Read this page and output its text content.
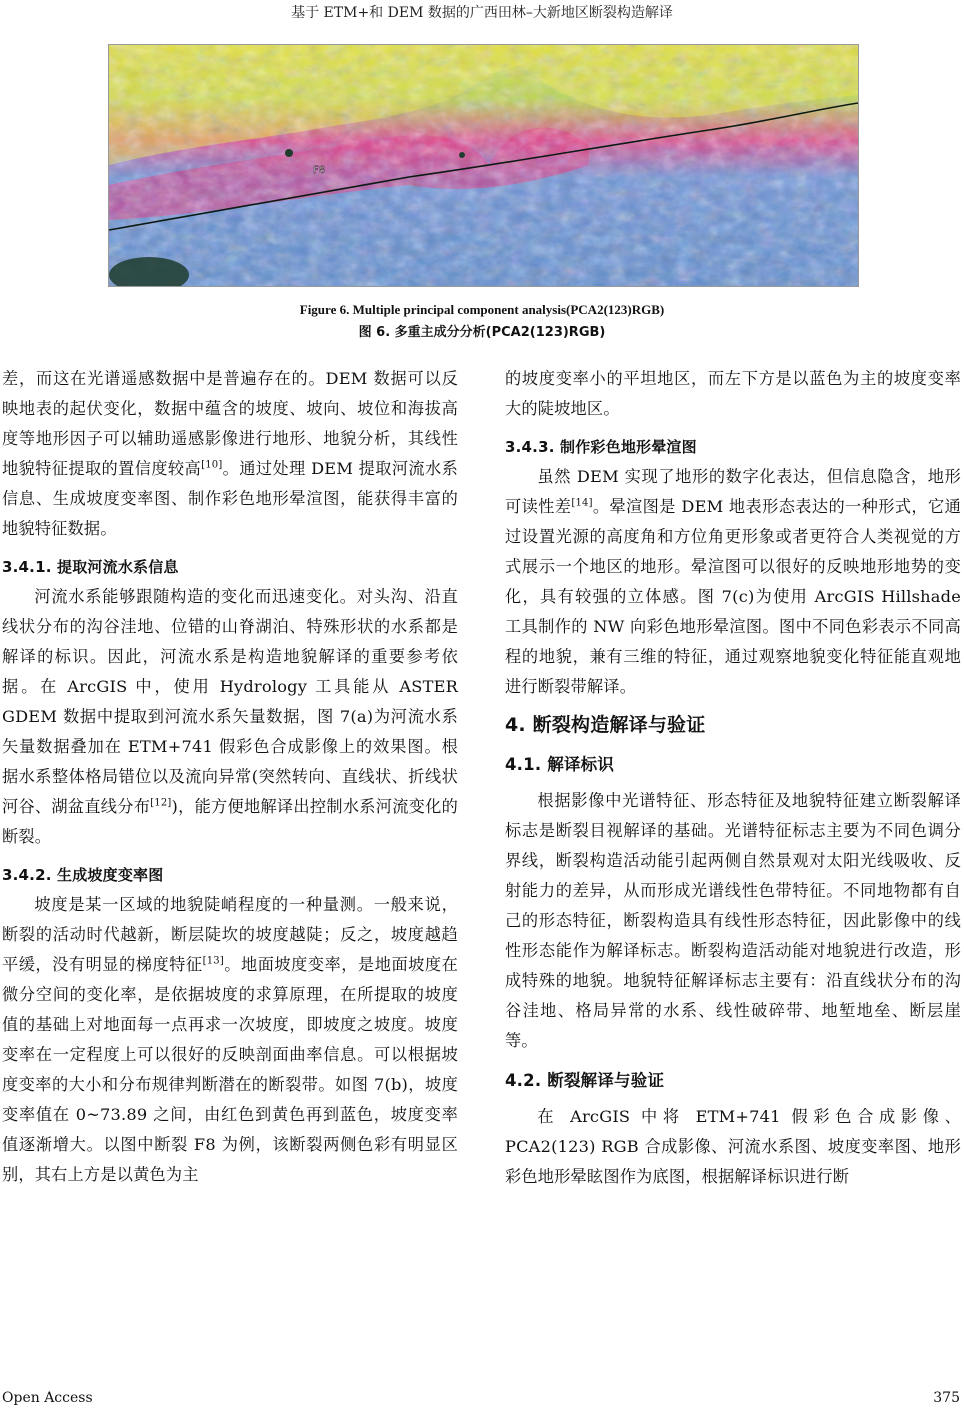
基于 ETM+和 DEM 数据的广西田林–大新地区断裂构造解译
F8
Figure 6. Multiple principal component analysis(PCA2(123)RGB)
图 6. 多重主成分分析(PCA2(123)RGB)

差，而这在光谱遥感数据中是普遍存在的。DEM 数据可以反映地表的起伏变化，数据中蕴含的坡度、坡向、坡位和海拔高度等地形因子可以辅助遥感影像进行地形、地貌分析，其线性地貌特征提取的置信度较高[10]。通过处理 DEM 提取河流水系信息、生成坡度变率图、制作彩色地形晕渲图，能获得丰富的地貌特征数据。

3.4.1. 提取河流水系信息

河流水系能够跟随构造的变化而迅速变化。对头沟、沿直线状分布的沟谷洼地、位错的山脊湖泊、特殊形状的水系都是解译的标识。因此，河流水系是构造地貌解译的重要参考依据。在 ArcGIS 中，使用 Hydrology 工具能从 ASTER GDEM 数据中提取到河流水系矢量数据，图 7(a)为河流水系矢量数据叠加在 ETM+741 假彩色合成影像上的效果图。根据水系整体格局错位以及流向异常(突然转向、直线状、折线状河谷、湖盆直线分布[12])，能方便地解译出控制水系河流变化的断裂。

3.4.2. 生成坡度变率图

坡度是某一区域的地貌陡峭程度的一种量测。一般来说，断裂的活动时代越新，断层陡坎的坡度越陡；反之，坡度越趋平缓，没有明显的梯度特征[13]。地面坡度变率，是地面坡度在微分空间的变化率，是依据坡度的求算原理，在所提取的坡度值的基础上对地面每一点再求一次坡度，即坡度之坡度。坡度变率在一定程度上可以很好的反映剖面曲率信息。可以根据坡度变率的大小和分布规律判断潜在的断裂带。如图 7(b)，坡度变率值在 0~73.89 之间，由红色到黄色再到蓝色，坡度变率值逐渐增大。以图中断裂 F8 为例，该断裂两侧色彩有明显区别，其右上方是以黄色为主

的坡度变率小的平坦地区，而左下方是以蓝色为主的坡度变率大的陡坡地区。

3.4.3. 制作彩色地形晕渲图

虽然 DEM 实现了地形的数字化表达，但信息隐含，地形可读性差[14]。晕渲图是 DEM 地表形态表达的一种形式，它通过设置光源的高度角和方位角更形象或者更符合人类视觉的方式展示一个地区的地形。晕渲图可以很好的反映地形地势的变化，具有较强的立体感。图 7(c)为使用 ArcGIS Hillshade 工具制作的 NW 向彩色地形晕渲图。图中不同色彩表示不同高程的地貌，兼有三维的特征，通过观察地貌变化特征能直观地进行断裂带解译。

4. 断裂构造解译与验证
4.1. 解译标识

根据影像中光谱特征、形态特征及地貌特征建立断裂解译标志是断裂目视解译的基础。光谱特征标志主要为不同色调分界线，断裂构造活动能引起两侧自然景观对太阳光线吸收、反射能力的差异，从而形成光谱线性色带特征。不同地物都有自己的形态特征，断裂构造具有线性形态特征，因此影像中的线性形态能作为解译标志。断裂构造活动能对地貌进行改造，形成特殊的地貌。地貌特征解译标志主要有：沿直线状分布的沟谷洼地、格局异常的水系、线性破碎带、地堑地垒、断层崖等。

4.2. 断裂解译与验证

在 ArcGIS 中将 ETM+741 假彩色合成影像、PCA2(123) RGB 合成影像、河流水系图、坡度变率图、地形彩色地形晕眩图作为底图，根据解译标识进行断

Open Access	375
